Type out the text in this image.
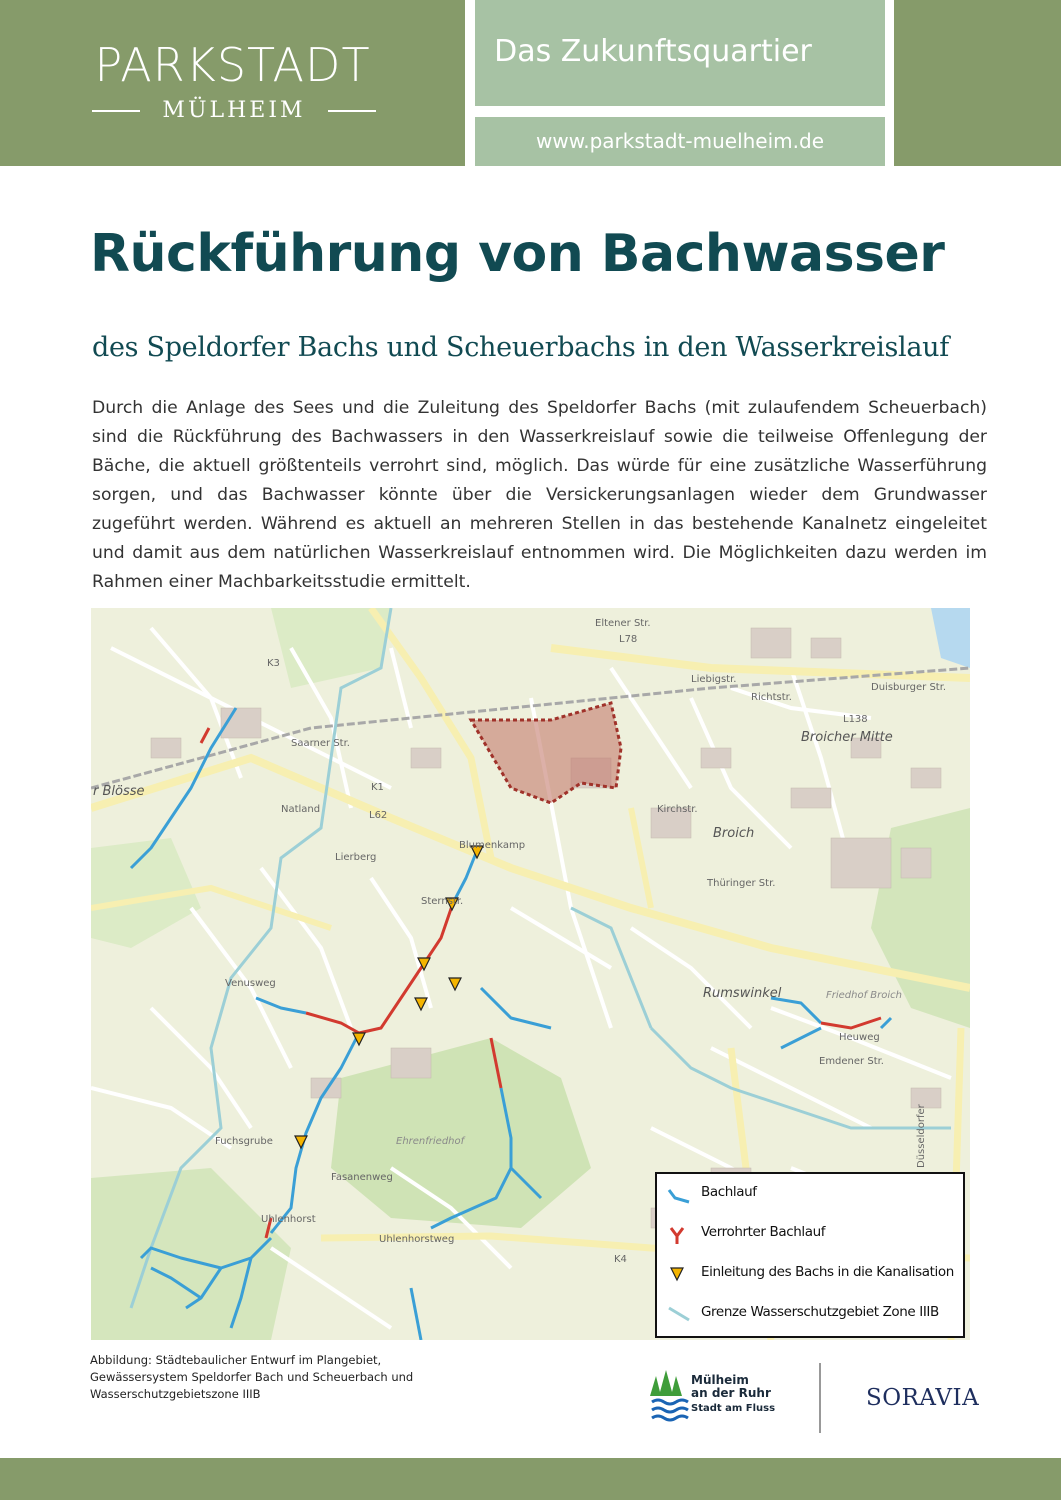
PARKSTADT
MÜLHEIM
Das Zukunftsquartier
www.parkstadt-muelheim.de
Rückführung von Bachwasser
des Speldorfer Bachs und Scheuerbachs in den Wasserkreislauf
Durch die Anlage des Sees und die Zuleitung des Speldorfer Bachs (mit zulaufendem Scheuerbach) sind die Rückführung des Bachwassers in den Wasserkreislauf sowie die teilweise Offenlegung der Bäche, die aktuell größtenteils verrohrt sind, möglich. Das würde für eine zusätzliche Wasserführung sorgen, und das Bachwasser könnte über die Versickerungsanlagen wieder dem Grundwasser zugeführt werden. Während es aktuell an mehreren Stellen in das bestehende Kanalnetz eingeleitet und damit aus dem natürlichen Wasserkreislauf entnommen wird. Die Möglichkeiten dazu werden im Rahmen einer Machbarkeitsstudie ermittelt.
Broich
Broicher Mitte
Rumswinkel
Blumenkamp
Uhlenhorst
Ehrenfriedhof
Friedhof Broich
r Blösse
Duisburger Str.
Saarner Str.
Düsseldorfer
Uhlenhorstweg
Kirchstr.
L62
L138
K1
K3
K4
L78
Eltener Str.
Liebigstr.
Richtstr.
Sternstr.
Venusweg
Fuchsgrube
Fasanenweg
Heuweg
Emdener Str.
Thüringer Str.
Natland
Lierberg
Bachlauf
Verrohrter Bachlauf
Einleitung des Bachs in die Kanalisation
Grenze Wasserschutzgebiet Zone IIIB
Abbildung: Städtebaulicher Entwurf im Plangebiet, Gewässersystem Speldorfer Bach und Scheuerbach und Wasserschutzgebietszone IIIB
Mülheim
an der Ruhr
Stadt am Fluss	SORAVIA
